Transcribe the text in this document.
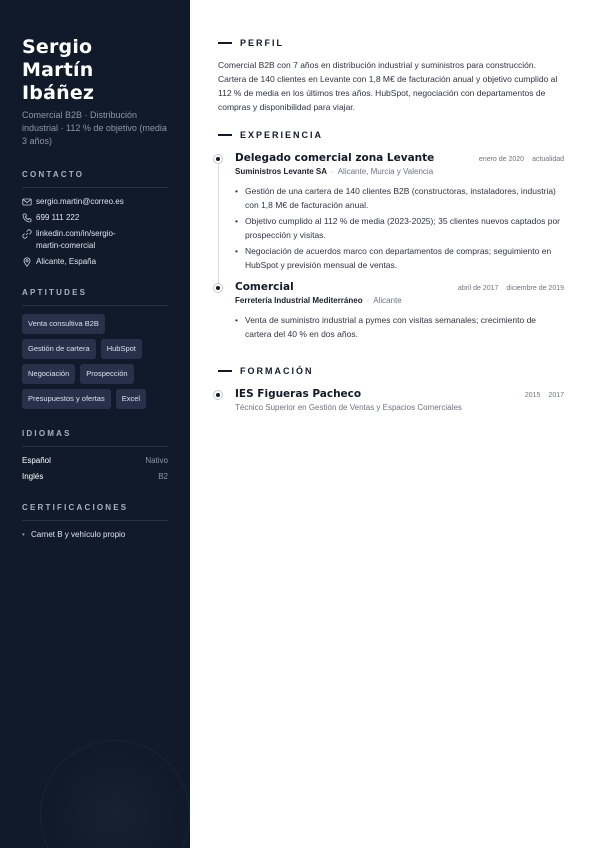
Sergio Martín
Ibáñez
Comercial B2B · Distribución industrial · 112 % de objetivo (media 3 años)
CONTACTO
sergio.martin@correo.es
699 111 222
linkedin.com/in/sergio-martin-comercial
Alicante, España
APTITUDES
Venta consultiva B2B
Gestión de cartera	HubSpot
Negociación	Prospección
Presupuestos y ofertas	Excel
IDIOMAS
Español	Nativo
Inglés	B2
CERTIFICACIONES
• Carnet B y vehículo propio
PERFIL

Comercial B2B con 7 años en distribución industrial y suministros para construcción. Cartera de 140 clientes en Levante con 1,8 M€ de facturación anual y objetivo cumplido al 112 % de media en los últimos tres años. HubSpot, negociación con departamentos de compras y disponibilidad para viajar.

EXPERIENCIA
Delegado comercial zona Levante	enero de 2020 actualidad
Suministros Levante SA · Alicante, Murcia y Valencia
• Gestión de una cartera de 140 clientes B2B (constructoras, instaladores, industria) con 1,8 M€ de facturación anual.
• Objetivo cumplido al 112 % de media (2023-2025); 35 clientes nuevos captados por prospección y visitas.
• Negociación de acuerdos marco con departamentos de compras; seguimiento en HubSpot y previsión mensual de ventas.
Comercial	abril de 2017 diciembre de 2019
Ferretería Industrial Mediterráneo · Alicante
• Venta de suministro industrial a pymes con visitas semanales; crecimiento de cartera del 40 % en dos años.
FORMACIÓN
IES Figueras Pacheco	2015 2017
Técnico Superior en Gestión de Ventas y Espacios Comerciales
